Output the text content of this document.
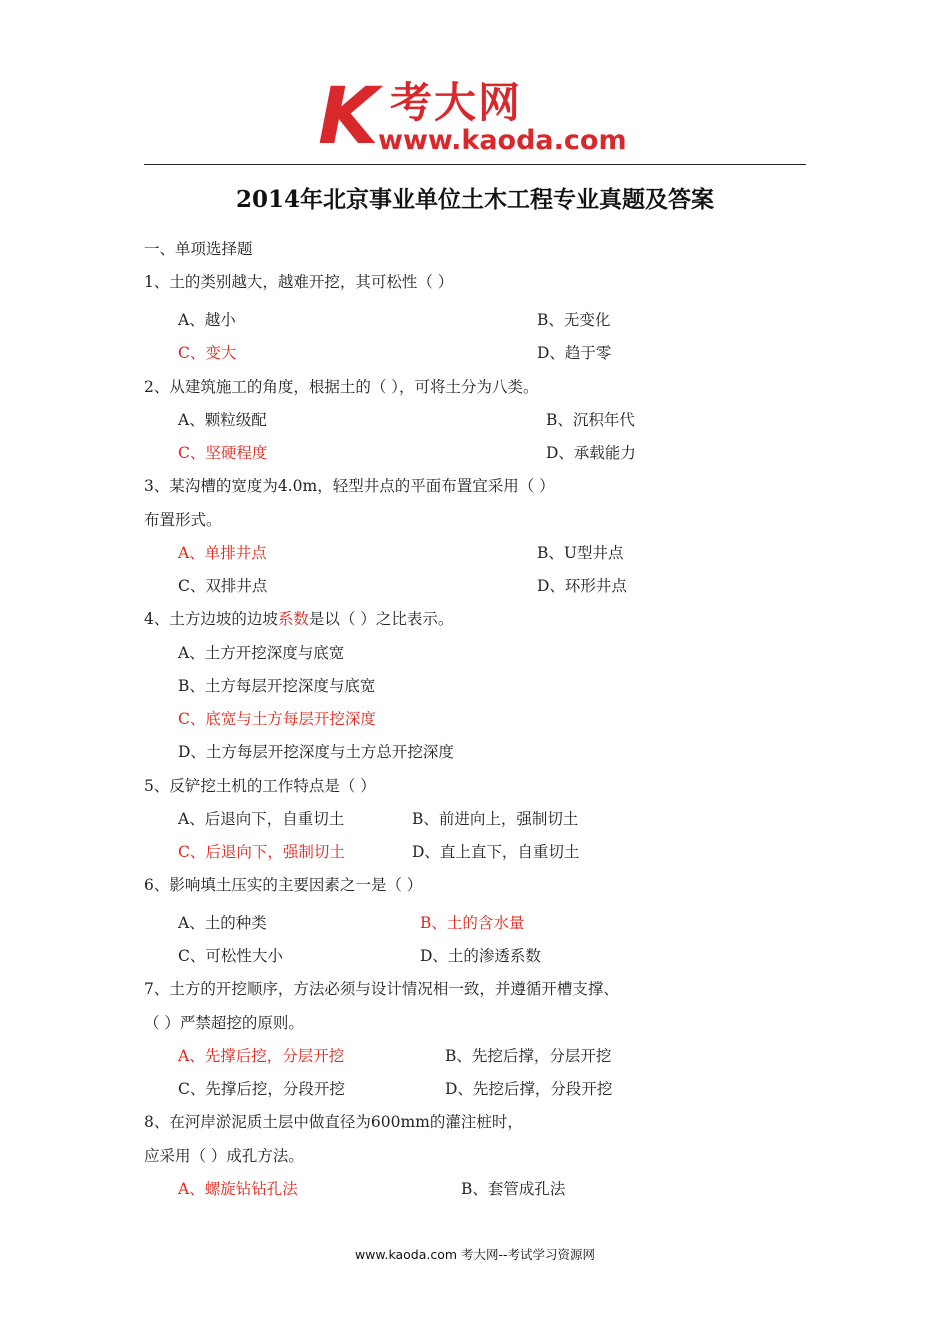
K 考大网
www.kaoda.com
2014年北京事业单位土木工程专业真题及答案
一、单项选择题
1、土的类别越大，越难开挖，其可松性（ ）
A、越小	B、无变化
C、变大	D、趋于零
2、从建筑施工的角度，根据土的（ ），可将土分为八类。
A、颗粒级配	B、沉积年代
C、坚硬程度	D、承载能力
3、某沟槽的宽度为4.0m，轻型井点的平面布置宜采用（ ）
布置形式。
A、单排井点	B、U型井点
C、双排井点	D、环形井点
4、土方边坡的边坡系数是以（ ）之比表示。
A、土方开挖深度与底宽
B、土方每层开挖深度与底宽
C、底宽与土方每层开挖深度
D、土方每层开挖深度与土方总开挖深度
5、反铲挖土机的工作特点是（ ）
A、后退向下，自重切土	B、前进向上，强制切土
C、后退向下，强制切土	D、直上直下，自重切土
6、影响填土压实的主要因素之一是（ ）
A、土的种类	B、土的含水量
C、可松性大小	D、土的渗透系数
7、土方的开挖顺序，方法必须与设计情况相一致，并遵循开槽支撑、
（ ）严禁超挖的原则。
A、先撑后挖，分层开挖	B、先挖后撑，分层开挖
C、先撑后挖，分段开挖	D、先挖后撑，分段开挖
8、在河岸淤泥质土层中做直径为600mm的灌注桩时，
应采用（ ）成孔方法。
A、螺旋钻钻孔法	B、套管成孔法
www.kaoda.com 考大网--考试学习资源网
